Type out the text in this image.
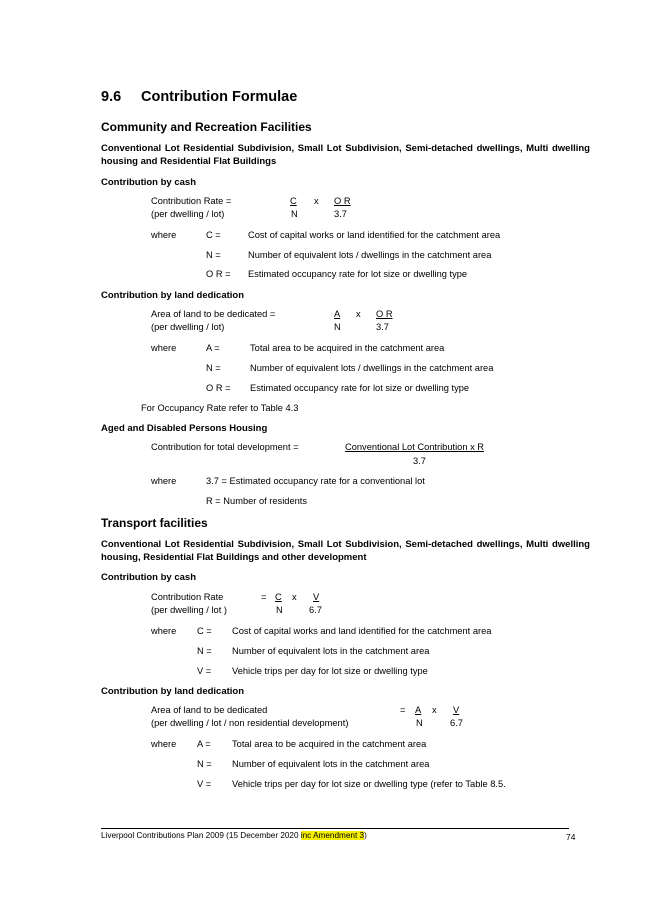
9.6 Contribution Formulae
Community and Recreation Facilities
Conventional Lot Residential Subdivision, Small Lot Subdivision, Semi-detached dwellings, Multi dwelling
housing and Residential Flat Buildings
Contribution by cash
Contribution Rate =
(per dwelling / lot)
C x O R
N	3.7
where	C =	Cost of capital works or land identified for the catchment area
N =	Number of equivalent lots / dwellings in the catchment area
O R = Estimated occupancy rate for lot size or dwelling type
Contribution by land dedication
Area of land to be dedicated =
(per dwelling / lot)
A x O R
N	3.7
where	A =	Total area to be acquired in the catchment area
N =	Number of equivalent lots / dwellings in the catchment area
O R = Estimated occupancy rate for lot size or dwelling type
For Occupancy Rate refer to Table 4.3
Aged and Disabled Persons Housing
Contribution for total development =	Conventional Lot Contribution x R
3.7
where	3.7 = Estimated occupancy rate for a conventional lot
R = Number of residents
Transport facilities
Conventional Lot Residential Subdivision, Small Lot Subdivision, Semi-detached dwellings, Multi dwelling
housing, Residential Flat Buildings and other development
Contribution by cash
Contribution Rate
(per dwelling / lot )
= C x V
N	6.7
where C = Cost of capital works and land identified for the catchment area
N = Number of equivalent lots in the catchment area
V = Vehicle trips per day for lot size or dwelling type
Contribution by land dedication
Area of land to be dedicated
(per dwelling / lot / non residential development)
= A x V
N	6.7
where A = Total area to be acquired in the catchment area
N = Number of equivalent lots in the catchment area
V = Vehicle trips per day for lot size or dwelling type (refer to Table 8.5.
Liverpool Contributions Plan 2009 (15 December 2020 inc Amendment 3)	74
